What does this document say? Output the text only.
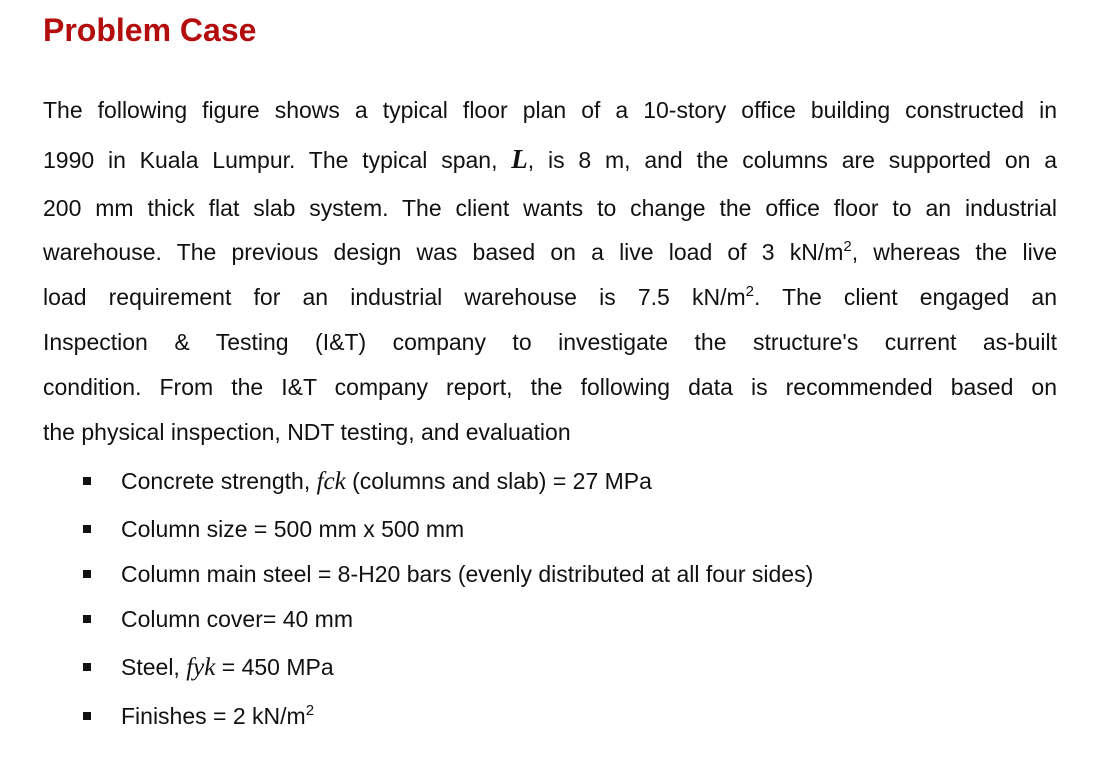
Problem Case
The following figure shows a typical floor plan of a 10-story office building constructed in
1990 in Kuala Lumpur. The typical span, L, is 8 m, and the columns are supported on a
200 mm thick flat slab system. The client wants to change the office floor to an industrial
warehouse. The previous design was based on a live load of 3 $kN/m^2$, whereas the live
load requirement for an industrial warehouse is 7.5 $kN/m^2$. The client engaged an
Inspection & Testing (I&T) company to investigate the structure's current as-built
condition. From the I&T company report, the following data is recommended based on
the physical inspection, NDT testing, and evaluation
Concrete strength, fck (columns and slab) = 27 MPa
Column size = 500 mm x 500 mm
Column main steel = 8-H20 bars (evenly distributed at all four sides)
Column cover= 40 mm
Steel, fyk = 450 MPa
Finishes = 2 $kN/m^2$
